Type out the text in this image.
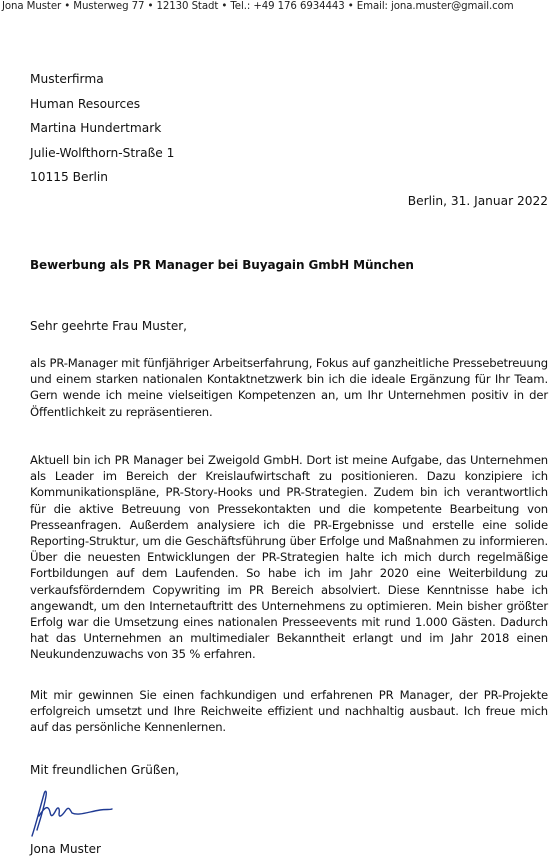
Jona Muster • Musterweg 77 • 12130 Stadt • Tel.: +49 176 6934443 • Email: jona.muster@gmail.com
Musterfirma
Human Resources
Martina Hundertmark
Julie-Wolfthorn-Straße 1
10115 Berlin
Berlin, 31. Januar 2022
Bewerbung als PR Manager bei Buyagain GmbH München
Sehr geehrte Frau Muster,

als PR-Manager mit fünfjähriger Arbeitserfahrung, Fokus auf ganzheitliche Pressebetreuung und einem starken nationalen Kontaktnetzwerk bin ich die ideale Ergänzung für Ihr Team. Gern wende ich meine vielseitigen Kompetenzen an, um Ihr Unternehmen positiv in der Öffentlichkeit zu repräsentieren.

Aktuell bin ich PR Manager bei Zweigold GmbH. Dort ist meine Aufgabe, das Unternehmen als Leader im Bereich der Kreislaufwirtschaft zu positionieren. Dazu konzipiere ich Kommunikationspläne, PR-Story-Hooks und PR-Strategien. Zudem bin ich verantwortlich für die aktive Betreuung von Pressekontakten und die kompetente Bearbeitung von Presseanfragen. Außerdem analysiere ich die PR-Ergebnisse und erstelle eine solide Reporting-Struktur, um die Geschäftsführung über Erfolge und Maßnahmen zu informieren. Über die neuesten Entwicklungen der PR-Strategien halte ich mich durch regelmäßige Fortbildungen auf dem Laufenden. So habe ich im Jahr 2020 eine Weiterbildung zu verkaufsförderndem Copywriting im PR Bereich absolviert. Diese Kenntnisse habe ich angewandt, um den Internetauftritt des Unternehmens zu optimieren. Mein bisher größter Erfolg war die Umsetzung eines nationalen Presseevents mit rund 1.000 Gästen. Dadurch hat das Unternehmen an multimedialer Bekanntheit erlangt und im Jahr 2018 einen Neukundenzuwachs von 35 % erfahren.

Mit mir gewinnen Sie einen fachkundigen und erfahrenen PR Manager, der PR-Projekte erfolgreich umsetzt und Ihre Reichweite effizient und nachhaltig ausbaut. Ich freue mich auf das persönliche Kennenlernen.

Mit freundlichen Grüßen,
Jona Muster
